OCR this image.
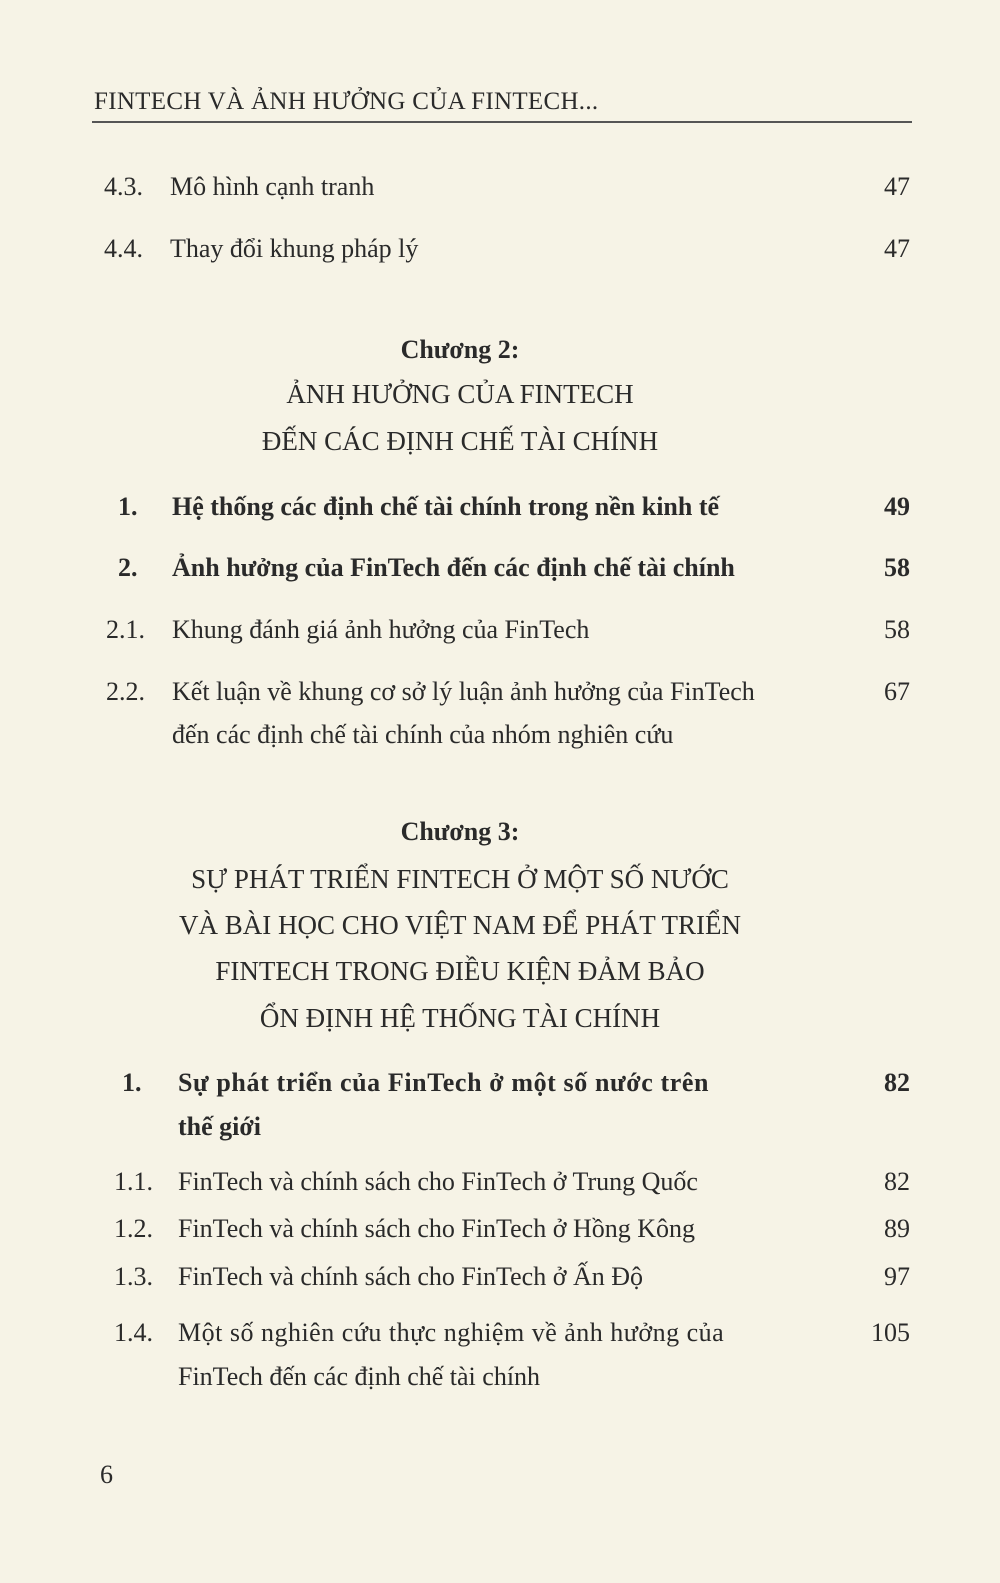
FINTECH VÀ ẢNH HƯỞNG CỦA FINTECH...
4.3. Mô hình cạnh tranh	47
4.4. Thay đổi khung pháp lý	47
Chương 2:
ẢNH HƯỞNG CỦA FINTECH
ĐẾN CÁC ĐỊNH CHẾ TÀI CHÍNH
1. Hệ thống các định chế tài chính trong nền kinh tế	49
2. Ảnh hưởng của FinTech đến các định chế tài chính	58
2.1. Khung đánh giá ảnh hưởng của FinTech	58
2.2. Kết luận về khung cơ sở lý luận ảnh hưởng của FinTech	67
đến các định chế tài chính của nhóm nghiên cứu
Chương 3:
SỰ PHÁT TRIỂN FINTECH Ở MỘT SỐ NƯỚC
VÀ BÀI HỌC CHO VIỆT NAM ĐỂ PHÁT TRIỂN
FINTECH TRONG ĐIỀU KIỆN ĐẢM BẢO
ỔN ĐỊNH HỆ THỐNG TÀI CHÍNH
1. Sự phát triển của FinTech ở một số nước trên	82
thế giới
1.1. FinTech và chính sách cho FinTech ở Trung Quốc	82
1.2. FinTech và chính sách cho FinTech ở Hồng Kông	89
1.3. FinTech và chính sách cho FinTech ở Ấn Độ	97
1.4. Một số nghiên cứu thực nghiệm về ảnh hưởng của	105
FinTech đến các định chế tài chính
6
